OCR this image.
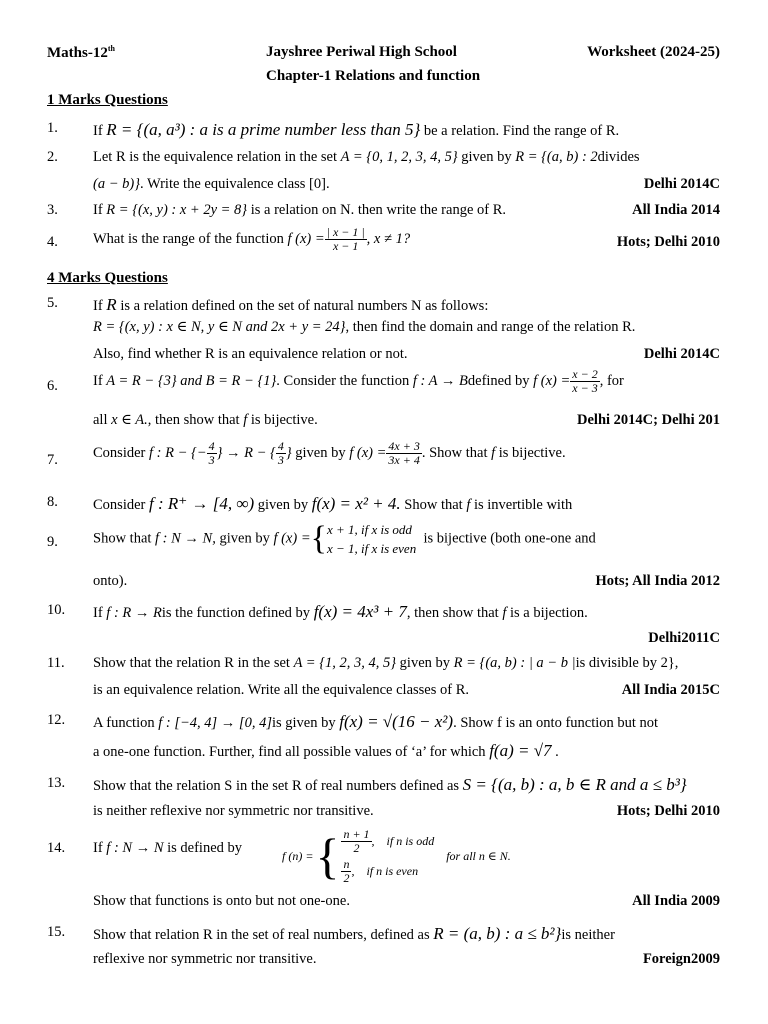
Maths-12th	Jayshree Periwal High School	Worksheet (2024-25)
Chapter-1 Relations and function
1 Marks Questions
1. If R = {(a, a³) : a is a prime number less than 5} be a relation. Find the range of R.
2. Let R is the equivalence relation in the set A = {0, 1, 2, 3, 4, 5} given by R = {(a, b) : 2divides
(a − b)}. Write the equivalence class [0].	Delhi 2014C
3. If R = {(x, y) : x + 2y = 8} is a relation on N. then write the range of R.	All India 2014
4. What is the range of the function f $(x) = \frac{| x - 1 |}{x - 1}$ , x ≠ 1?	Hots; Delhi 2010
4 Marks Questions
5. If R is a relation defined on the set of natural numbers N as follows:
R = {(x, y) : x ∈ N, y ∈ N and 2x + y = 24}, then find the domain and range of the relation R.
Also, find whether R is an equivalence relation or not.	Delhi 2014C
6. If A = R − {3} and B = R − {1}. Consider the function f : A → Bdefined by f $(x) = \frac{x - 2}{x - 3}$ , for
all x ∈ A., then show that f is bijective.	Delhi 2014C; Delhi 201
7. Consider f : R − {− $\frac{4}{3}$ } → R − { $\frac{4}{3}$ } given by f $(x) = \frac{4x + 3}{3x + 4}$ . Show that f is bijective.
8. Consider f : R⁺ → [4, ∞) given by f(x) = x² + 4. Show that f is invertible with
9. Show that f : N → N, given by f (x) ={ x + 1, if x is odd
x − 1, if x is even
is bijective (both one-one and
onto).	Hots; All India 2012
10. If f : R → Ris the function defined by f(x) = 4x³ + 7, then show that f is a bijection.
Delhi2011C
11. Show that the relation R in the set A = {1, 2, 3, 4, 5} given by R = {(a, b) : | a − b |is divisible by 2},
is an equivalence relation. Write all the equivalence classes of R.	All India 2015C
12. A function f : [−4, 4] → [0, 4]is given by f(x) = √(16 − x²). Show f is an onto function but not
a one-one function. Further, find all possible values of ‘a’ for which f(a) = √7 .
13. Show that the relation S in the set R of real numbers defined as S = {(a, b) : a, b ∈ R and a ≤ b³}
is neither reflexive nor symmetric nor transitive.	Hots; Delhi 2010
14. If f : N → N is defined by	f (n) = { $\frac{n + 1}{2}$ , if n is odd
$\frac{n}{2}$ , if n is even
for all n ∈ N.
Show that functions is onto but not one-one.	All India 2009
15. Show that relation R in the set of real numbers, defined as R = (a, b) : a ≤ b²}is neither
reflexive nor symmetric nor transitive.	Foreign2009
